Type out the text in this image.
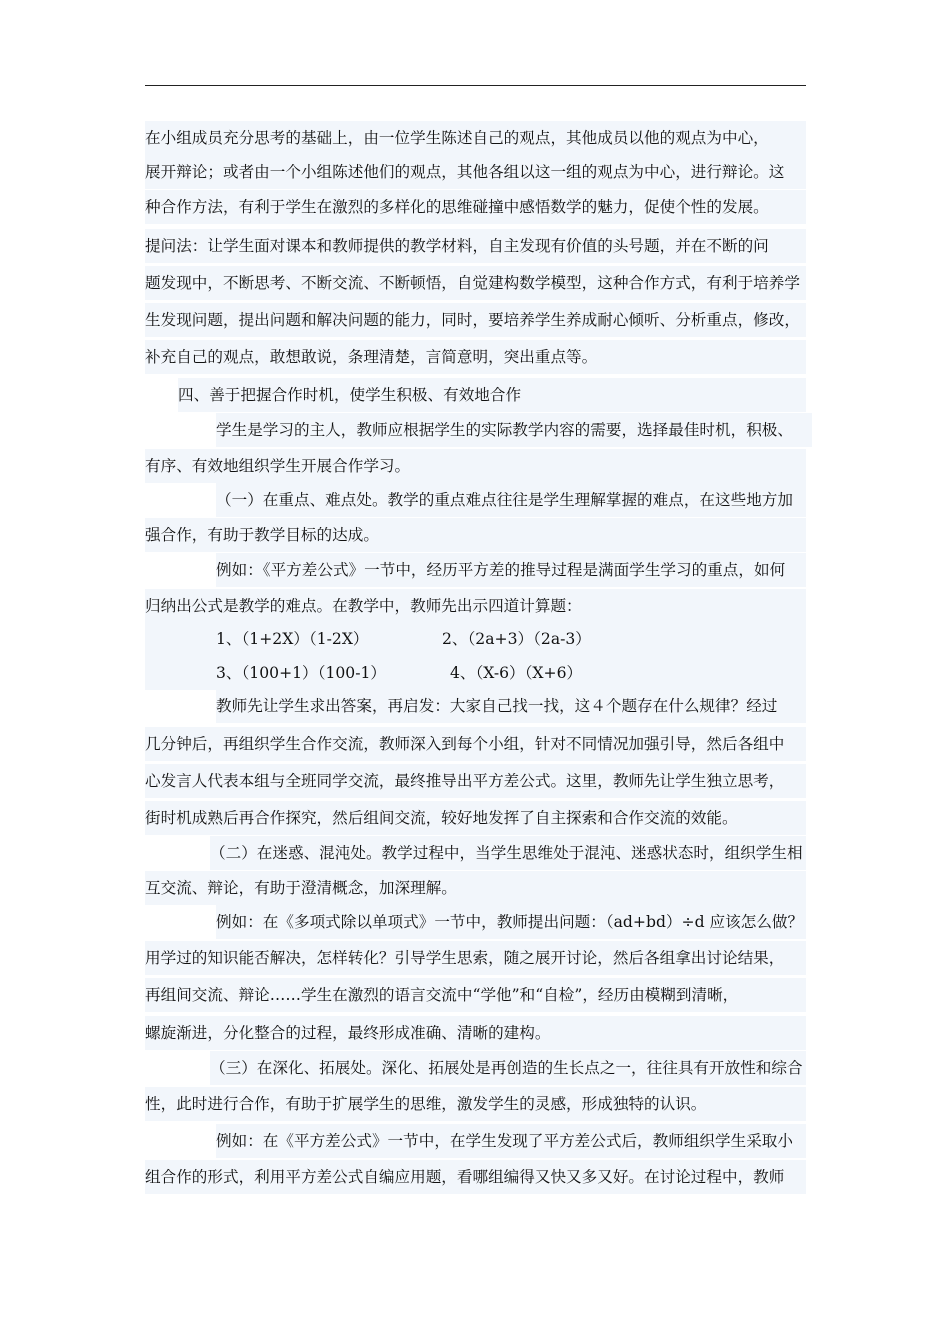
在小组成员充分思考的基础上，由一位学生陈述自己的观点，其他成员以他的观点为中心，
展开辩论；或者由一个小组陈述他们的观点，其他各组以这一组的观点为中心，进行辩论。这
种合作方法，有利于学生在激烈的多样化的思维碰撞中感悟数学的魅力，促使个性的发展。
提问法：让学生面对课本和教师提供的教学材料，自主发现有价值的头号题，并在不断的问
题发现中，不断思考、不断交流、不断顿悟，自觉建构数学模型，这种合作方式，有利于培养学
生发现问题，提出问题和解决问题的能力，同时，要培养学生养成耐心倾听、分析重点，修改，
补充自己的观点，敢想敢说，条理清楚，言简意明，突出重点等。
四、善于把握合作时机，使学生积极、有效地合作
学生是学习的主人，教师应根据学生的实际教学内容的需要，选择最佳时机，积极、
有序、有效地组织学生开展合作学习。
（一）在重点、难点处。教学的重点难点往往是学生理解掌握的难点，在这些地方加
强合作，有助于教学目标的达成。
例如：《平方差公式》一节中，经历平方差的推导过程是满面学生学习的重点，如何
归纳出公式是教学的难点。在教学中，教师先出示四道计算题：
1、（1+2X）（1-2X）	2、（2a+3）（2a-3）
3、（100+1）（100-1）	4、（X-6）（X+6）
教师先让学生求出答案，再启发：大家自己找一找，这４个题存在什么规律？经过
几分钟后，再组织学生合作交流，教师深入到每个小组，针对不同情况加强引导，然后各组中
心发言人代表本组与全班同学交流，最终推导出平方差公式。这里，教师先让学生独立思考，
街时机成熟后再合作探究，然后组间交流，较好地发挥了自主探索和合作交流的效能。
（二）在迷惑、混沌处。教学过程中，当学生思维处于混沌、迷惑状态时，组织学生相
互交流、辩论，有助于澄清概念，加深理解。
例如：在《多项式除以单项式》一节中，教师提出问题：（ad+bd）÷d 应该怎么做？
用学过的知识能否解决，怎样转化？引导学生思索，随之展开讨论，然后各组拿出讨论结果，
再组间交流、辩论……学生在激烈的语言交流中“学他”和“自检”，经历由模糊到清晰，
螺旋渐进，分化整合的过程，最终形成准确、清晰的建构。
（三）在深化、拓展处。深化、拓展处是再创造的生长点之一，往往具有开放性和综合
性，此时进行合作，有助于扩展学生的思维，激发学生的灵感，形成独特的认识。
例如：在《平方差公式》一节中，在学生发现了平方差公式后，教师组织学生采取小
组合作的形式，利用平方差公式自编应用题，看哪组编得又快又多又好。在讨论过程中，教师
